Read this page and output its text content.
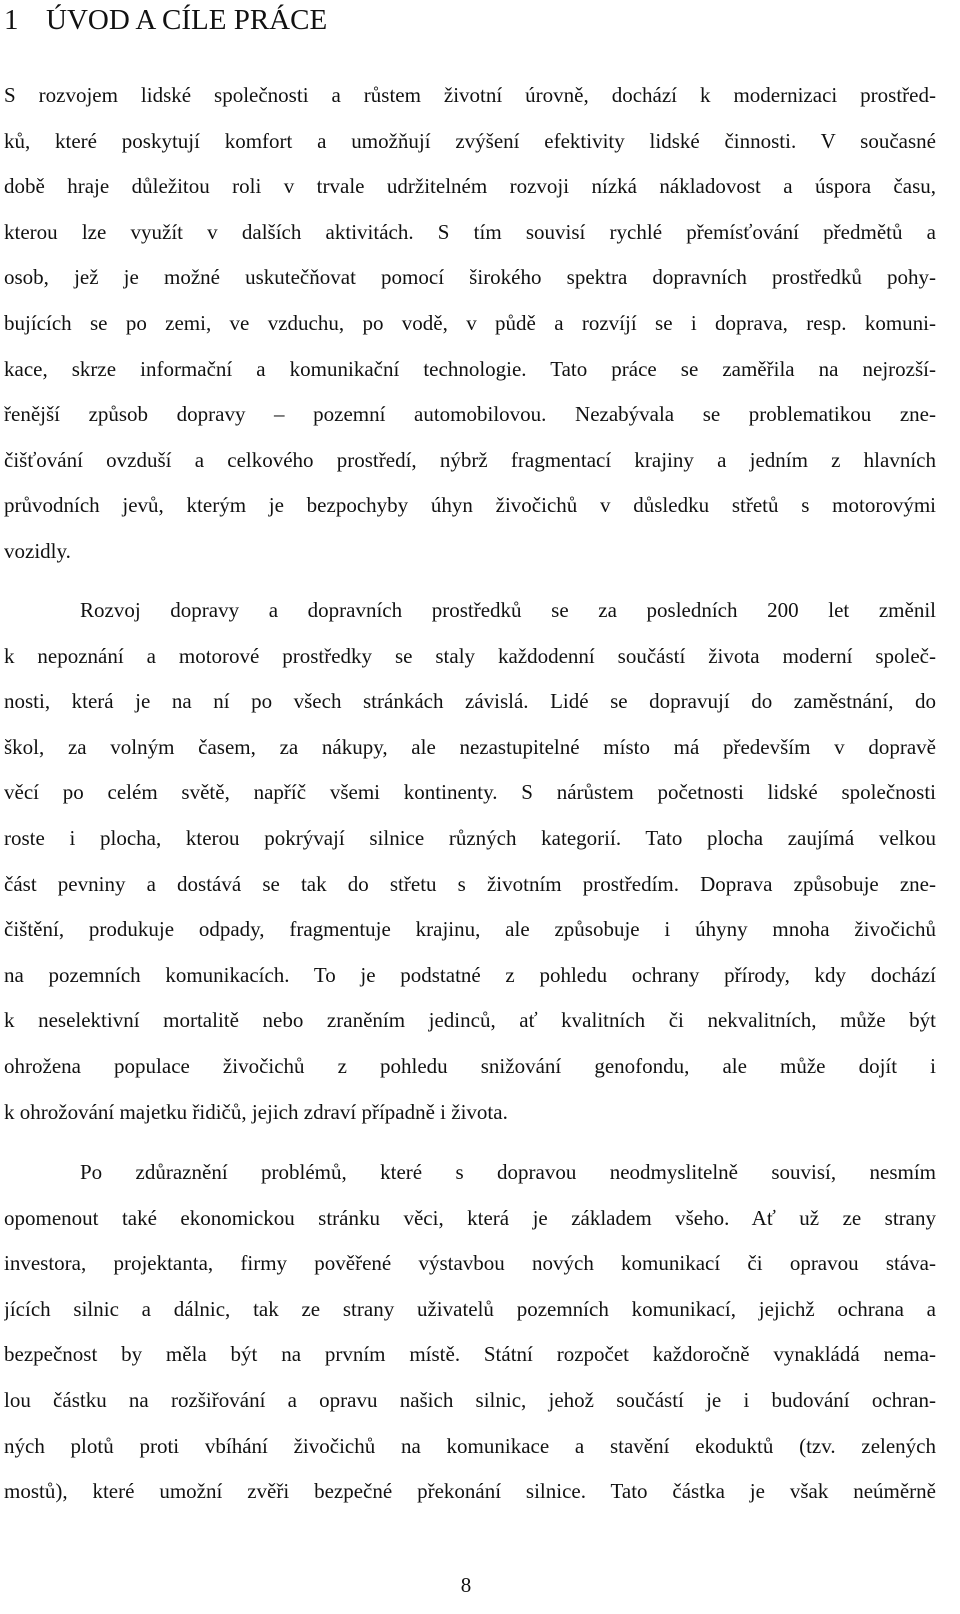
1 ÚVOD A CÍLE PRÁCE
S rozvojem lidské společnosti a růstem životní úrovně, dochází k modernizaci prostřed-
ků, které poskytují komfort a umožňují zvýšení efektivity lidské činnosti. V současné
době hraje důležitou roli v trvale udržitelném rozvoji nízká nákladovost a úspora času,
kterou lze využít v dalších aktivitách. S tím souvisí rychlé přemísťování předmětů a
osob, jež je možné uskutečňovat pomocí širokého spektra dopravních prostředků pohy-
bujících se po zemi, ve vzduchu, po vodě, v půdě a rozvíjí se i doprava, resp. komuni-
kace, skrze informační a komunikační technologie. Tato práce se zaměřila na nejrozší-
řenější způsob dopravy – pozemní automobilovou. Nezabývala se problematikou zne-
čišťování ovzduší a celkového prostředí, nýbrž fragmentací krajiny a jedním z hlavních
průvodních jevů, kterým je bezpochyby úhyn živočichů v důsledku střetů s motorovými
vozidly.
Rozvoj dopravy a dopravních prostředků se za posledních 200 let změnil
k nepoznání a motorové prostředky se staly každodenní součástí života moderní společ-
nosti, která je na ní po všech stránkách závislá. Lidé se dopravují do zaměstnání, do
škol, za volným časem, za nákupy, ale nezastupitelné místo má především v dopravě
věcí po celém světě, napříč všemi kontinenty. S nárůstem početnosti lidské společnosti
roste i plocha, kterou pokrývají silnice různých kategorií. Tato plocha zaujímá velkou
část pevniny a dostává se tak do střetu s životním prostředím. Doprava způsobuje zne-
čištění, produkuje odpady, fragmentuje krajinu, ale způsobuje i úhyny mnoha živočichů
na pozemních komunikacích. To je podstatné z pohledu ochrany přírody, kdy dochází
k neselektivní mortalitě nebo zraněním jedinců, ať kvalitních či nekvalitních, může být
ohrožena populace živočichů z pohledu snižování genofondu, ale může dojít i
k ohrožování majetku řidičů, jejich zdraví případně i života.
Po zdůraznění problémů, které s dopravou neodmyslitelně souvisí, nesmím
opomenout také ekonomickou stránku věci, která je základem všeho. Ať už ze strany
investora, projektanta, firmy pověřené výstavbou nových komunikací či opravou stáva-
jících silnic a dálnic, tak ze strany uživatelů pozemních komunikací, jejichž ochrana a
bezpečnost by měla být na prvním místě. Státní rozpočet každoročně vynakládá nema-
lou částku na rozšiřování a opravu našich silnic, jehož součástí je i budování ochran-
ných plotů proti vbíhání živočichů na komunikace a stavění ekoduktů (tzv. zelených
mostů), které umožní zvěři bezpečné překonání silnice. Tato částka je však neúměrně
8
